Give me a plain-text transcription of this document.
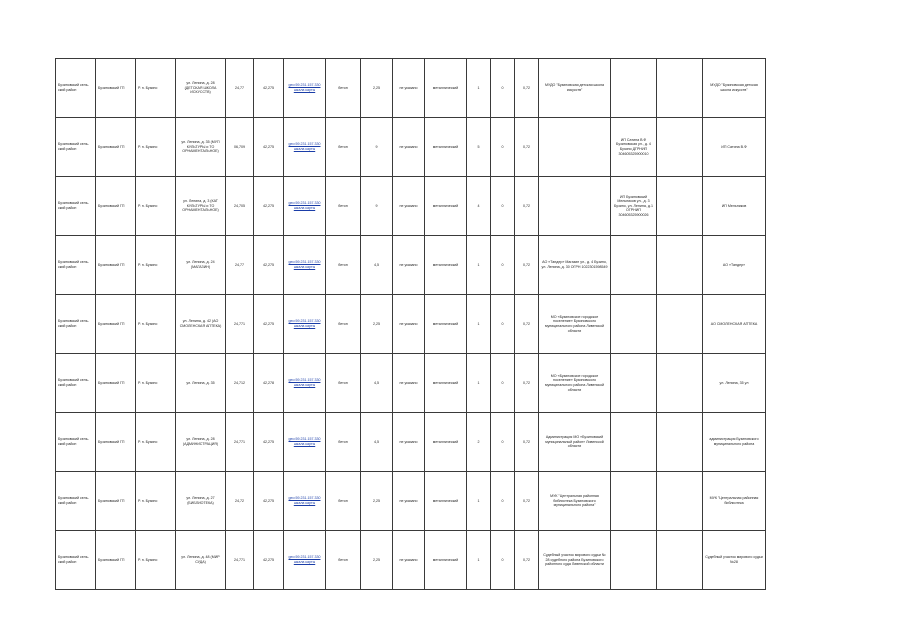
Бузиновский сель- ский район	Бузиновский ГП	Р. п. Бузино	ул. Ленина, д. 28 (ДЕТСКАЯ ШКОЛА ИСКУССТВ)	24,77	42,275	geo:59.231.157.330 шкала карты	бетон	2,25	не указано	металлический	1	0	0,72	МУДО "Бузиновская детская школа искусств"			МУДО "Бузиновская детская школа искусств"
Бузиновский сель- ский район	Бузиновский ГП	Р. п. Бузино	ул. Ленина, д. 35 (МУП КУЛЬТУРЫ и ТО ОРНАМЕНТАЛЬНОЕ)	06,709	42,275	geo:59.231.157.330 шкала карты	бетон	9	не указано	металлический	5	0	0,72		ИП Сатина В.Ф Бузиновская ул., д. 4 Бузино ДГРНИП 304605325900010		ИП Сатина В.Ф
Бузиновский сель- ский район	Бузиновский ГП	Р. п. Бузино	ул. Ленина, д. 3 (КАТ КУЛЬТУРЫ и ТО ОРНАМЕНТАЛЬНОЕ)	24,705	42,275	geo:59.231.157.330 шкала карты	бетон	9	не указано	металлический	4	0	0,72		ИП Бузиновский Мельников ул., д. 3 Бузино, ул. Ленина, д.1 ОГРНИП 304605325900026		ИП Мельников
Бузиновский сель- ский район	Бузиновский ГП	Р. п. Бузино	ул. Ленина, д. 24 (МАГАЗИН)	24,77	42,275	geo:59.231.157.330 шкала карты	бетон	4,5	не указано	металлический	1	0	0,72	АО «Тандер» Магазин ул., д. 4 Бузино, ул. Ленина, д. 30 ОГРН 1022301598549			АО «Тандер»
Бузиновский сель- ский район	Бузиновский ГП	Р. п. Бузино	ул. Ленина, д. 42 (АО СМОЛЕНСКАЯ АПТЕКА)	24,771	42,275	geo:59.231.157.330 шкала карты	бетон	2,25	не указано	металлический	1	0	0,72	МО «Бузиновское городское поселение» Бузиновского муниципального района Ливенской области			АО СМОЛЕНСКАЯ АПТЕКА
Бузиновский сель- ский район	Бузиновский ГП	Р. п. Бузино	ул. Ленина, д. 35	24,712	42,278	geo:59.231.157.330 шкала карты	бетон	4,5	не указано	металлический	1	0	0,72	МО «Бузиновское городское поселение» Бузиновского муниципального района Ливенской области			ул. Ленина, 35 ул
Бузиновский сель- ский район	Бузиновский ГП	Р. п. Бузино	ул. Ленина, д. 28 (АДМИНИСТРАЦИЯ)	24,771	42,275	geo:59.231.157.330 шкала карты	бетон	4,5	не указано	металлический	2	0	0,72	Администрация МО «Бузиновский муниципальный район» Ливенской области			администрация Бузиновского муниципального района
Бузиновский сель- ский район	Бузиновский ГП	Р. п. Бузино	ул. Ленина, д. 27 (БИБЛИОТЕКА)	24,72	42,275	geo:59.231.157.330 шкала карты	бетон	2,25	не указано	металлический	1	0	0,72	МУК "Центральная районная библиотека Бузиновского муниципального района"			МУК "Центральная районная библиотека
Бузиновский сель- ский район	Бузиновский ГП	Р. п. Бузино	ул. Ленина, д. 48 (МИР СУДА)	24,771	42,275	geo:59.231.157.330 шкала карты	бетон	2,25	не указано	металлический	1	0	0,72	Судебный участок мирового судьи № 28 судебного района Бузиновского районного суда Ливенской области			Судебный участок мирового судьи №28
